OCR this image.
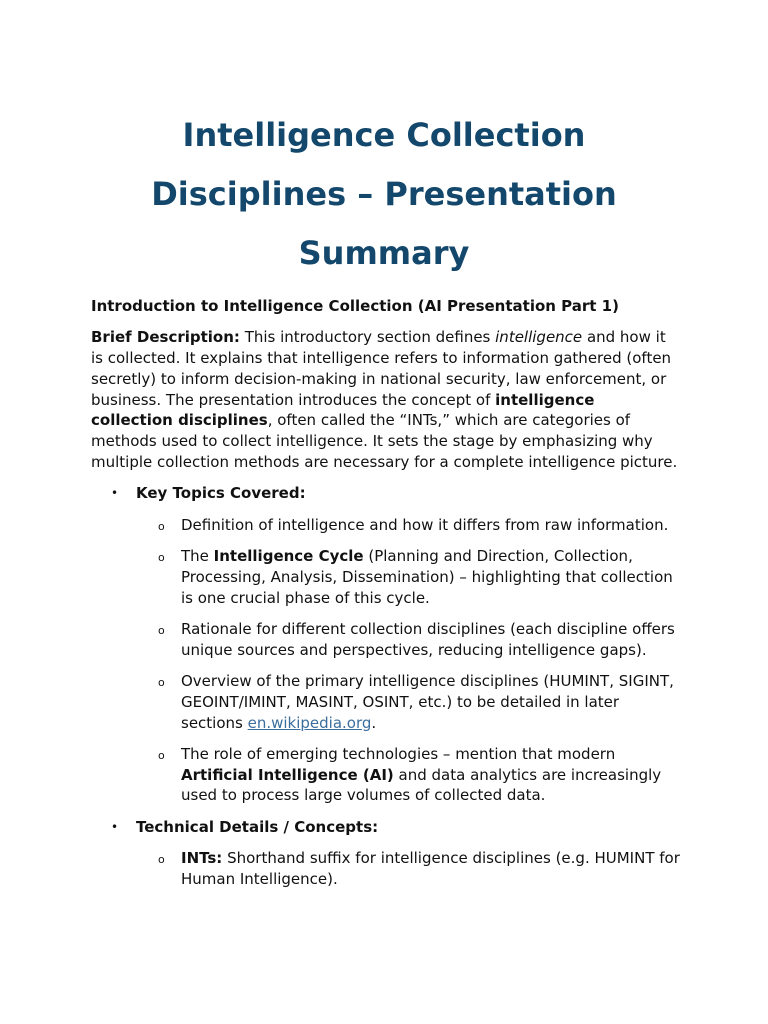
Intelligence Collection
Disciplines – Presentation
Summary

Introduction to Intelligence Collection (AI Presentation Part 1)

Brief Description: This introductory section defines intelligence and how it is collected. It explains that intelligence refers to information gathered (often secretly) to inform decision-making in national security, law enforcement, or business. The presentation introduces the concept of intelligence collection disciplines, often called the “INTs,” which are categories of methods used to collect intelligence. It sets the stage by emphasizing why multiple collection methods are necessary for a complete intelligence picture.

• Key Topics Covered:
o Definition of intelligence and how it differs from raw information.
o The Intelligence Cycle (Planning and Direction, Collection, Processing, Analysis, Dissemination) – highlighting that collection is one crucial phase of this cycle.
o Rationale for different collection disciplines (each discipline offers unique sources and perspectives, reducing intelligence gaps).
o Overview of the primary intelligence disciplines (HUMINT, SIGINT, GEOINT/IMINT, MASINT, OSINT, etc.) to be detailed in later sections en.wikipedia.org.
o The role of emerging technologies – mention that modern Artificial Intelligence (AI) and data analytics are increasingly used to process large volumes of collected data.
• Technical Details / Concepts:
o INTs: Shorthand suffix for intelligence disciplines (e.g. HUMINT for Human Intelligence).
